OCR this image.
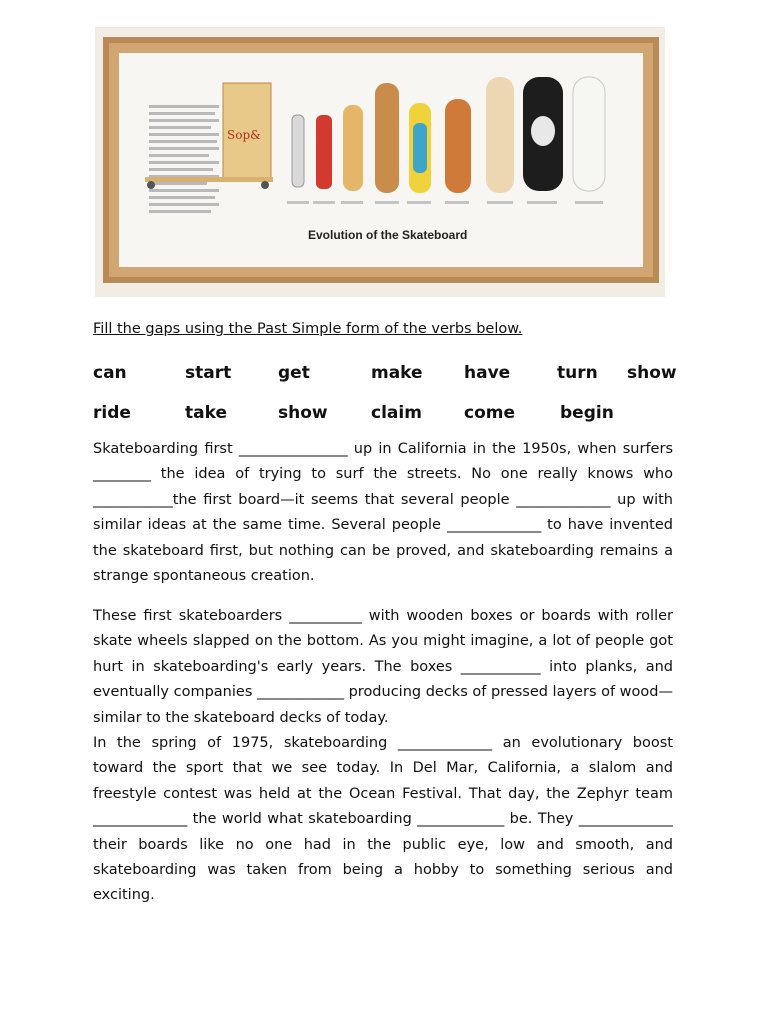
Sop&
Evolution of the Skateboard
Fill the gaps using the Past Simple form of the verbs below.
can	start	get	make have	turn show
ride	take	show	claim come	begin

Skateboarding first _______________ up in California in the 1950s, when surfers ________ the idea of trying to surf the streets. No one really knows who ___________the first board—it seems that several people _____________ up with similar ideas at the same time. Several people _____________ to have invented the skateboard first, but nothing can be proved, and skateboarding remains a strange spontaneous creation.

These first skateboarders __________ with wooden boxes or boards with roller skate wheels slapped on the bottom. As you might imagine, a lot of people got hurt in skateboarding's early years. The boxes ___________ into planks, and eventually companies ____________ producing decks of pressed layers of wood—similar to the skateboard decks of today.

In the spring of 1975, skateboarding _____________ an evolutionary boost toward the sport that we see today. In Del Mar, California, a slalom and freestyle contest was held at the Ocean Festival. That day, the Zephyr team _____________ the world what skateboarding ____________ be. They _____________ their boards like no one had in the public eye, low and smooth, and skateboarding was taken from being a hobby to something serious and exciting.
